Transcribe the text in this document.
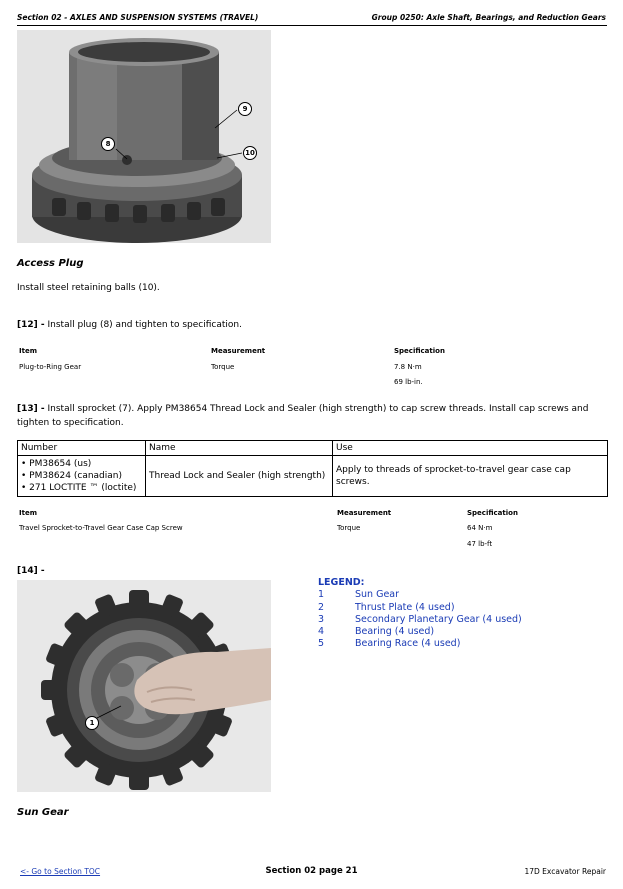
Section 02 - AXLES AND SUSPENSION SYSTEMS (TRAVEL)	Group 0250: Axle Shaft, Bearings, and Reduction Gears
9
8
10
Access Plug
Install steel retaining balls (10).
[12] - Install plug (8) and tighten to specification.
Item	Measurement	Specification
Plug-to-Ring Gear	Torque	7.8 N·m
69 lb-in.
[13] - Install sprocket (7). Apply PM38654 Thread Lock and Sealer (high strength) to cap screw threads. Install cap screws and
tighten to specification.
Number	Name	Use

• PM38654 (us)
• PM38624 (canadian)
• 271 LOCTITE ™ (loctite)	Thread Lock and Sealer (high strength)	Apply to threads of sprocket-to-travel gear case cap screws.
Item	Measurement	Specification
Travel Sprocket-to-Travel Gear Case Cap Screw	Torque	64 N·m
47 lb-ft
[14] -
1
LEGEND:
1	Sun Gear
2	Thrust Plate (4 used)
3	Secondary Planetary Gear (4 used)
4	Bearing (4 used)
5	Bearing Race (4 used)
Sun Gear
<- Go to Section TOC	Section 02 page 21	17D Excavator Repair
